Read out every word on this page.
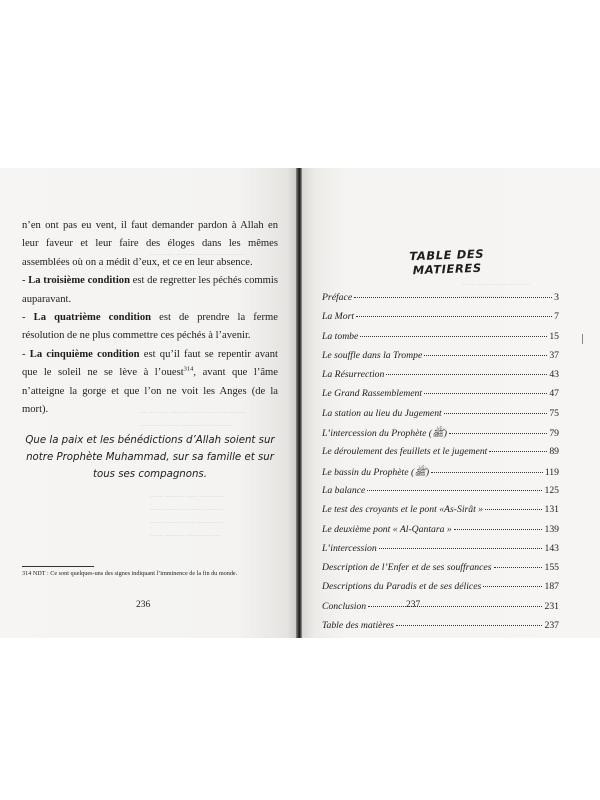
ـــــــــــــــــــــــــــــــ ـــــــــــ
ـــــــ ــــــ ـــــــــ ـــــــــ ـــــــــ ـــ
ـــــــــ ـــ ـــــــــ ـــــــ ــــــــــ
ـــــــــــ ـــــ ـــــــــ ــــــ
ـــــــ ـــــــــ ـــــــــ ـــــ
ـــــــــــ ـــــ ـــــــــ ـــــ
ـــــ ـــــــــ ـــــــــ ــــــ

n’en ont pas eu vent, il faut demander pardon à Allah en leur faveur et leur faire des éloges dans les mêmes assemblées où on a médit d’eux, et ce en leur absence.

- La troisième condition est de regretter les péchés commis auparavant.

- La quatrième condition est de prendre la ferme résolution de ne plus commettre ces péchés à l’avenir.

- La cinquième condition est qu’il faut se repentir avant que le soleil ne se lève à l’ouest$^{314}$, avant que l’âme n’atteigne la gorge et que l’on ne voit les Anges (de la mort).

Que la paix et les bénédictions d’Allah soient sur notre Prophète Muhammad, sur sa famille et sur tous ses compagnons.
314 NDT : Ce sont quelques-uns des signes indiquant l’imminence de la fin du monde.
236
ـــــــــ ـــــ ـــــــ ـــــ
ــ ـــــــــــ ـــ
TABLE DES MATIERES
Préface	3
La Mort	7
La tombe	15
Le souffle dans la Trompe	37
La Résurrection	43
Le Grand Rassemblement	47
La station au lieu du Jugement	75
L’intercession du Prophète (ﷺ)	79
Le déroulement des feuillets et le jugement	89
Le bassin du Prophète (ﷺ)	119
La balance	125
Le test des croyants et le pont «As-Sirât »	131
Le deuxième pont « Al-Qantara »	139
L’intercession	143
Description de l’Enfer et de ses souffrances	155
Descriptions du Paradis et de ses délices	187
Conclusion	231
Table des matières	237
237
